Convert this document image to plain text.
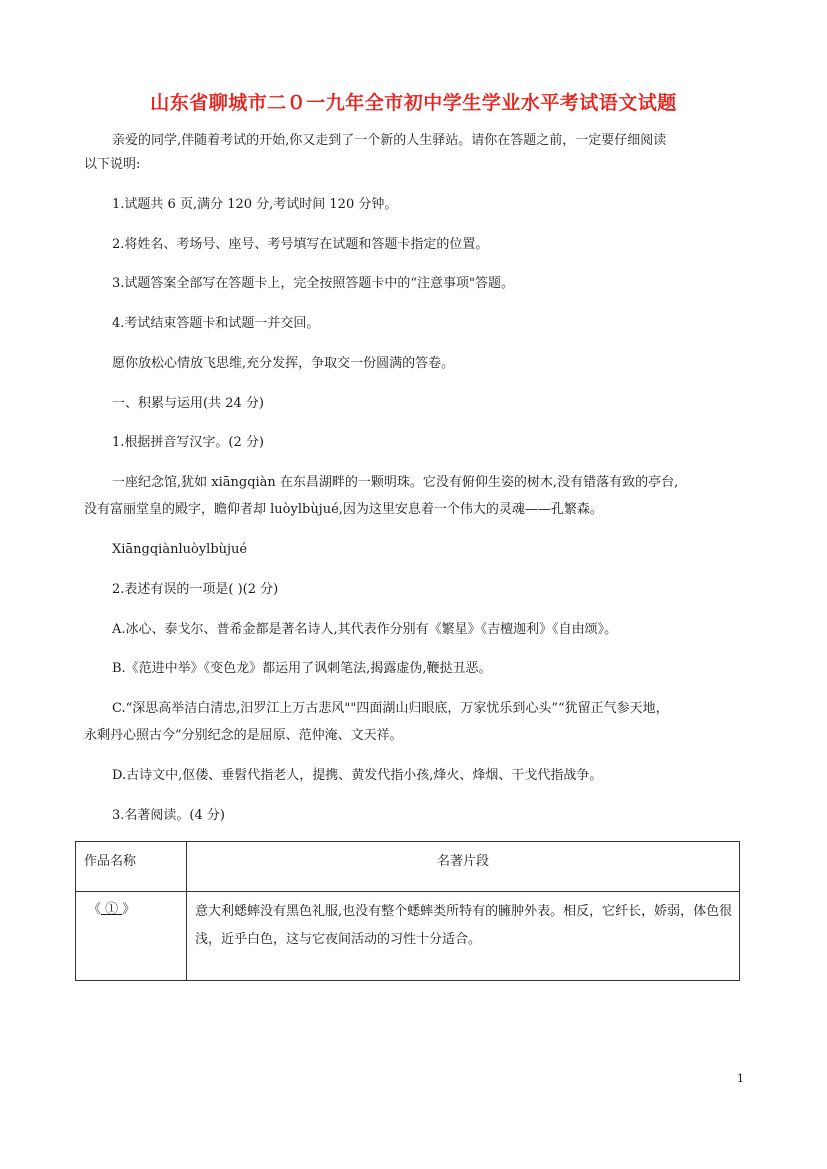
山东省聊城市二０一九年全市初中学生学业水平考试语文试题
亲爱的同学,伴随着考试的开始,你又走到了一个新的人生驿站。请你在答题之前，一定要仔细阅读
以下说明:
1.试题共 6 页,满分 120 分,考试时间 120 分钟。
2.将姓名、考场号、座号、考号填写在试题和答题卡指定的位置。
3.试题答案全部写在答题卡上，完全按照答题卡中的“注意事项"答题。
4.考试结束答题卡和试题一并交回。
愿你放松心情放飞思维,充分发挥，争取交一份圆满的答卷。
一、积累与运用(共 24 分)
1.根据拼音写汉字。(2 分)
一座纪念馆,犹如 xiāngqiàn 在东昌湖畔的一颗明珠。它没有俯仰生姿的树木,没有错落有致的亭台,
没有富丽堂皇的殿字，瞻仰者却 luòylbùjué,因为这里安息着一个伟大的灵魂——孔繁森。
Xiāngqiànluòylbùjué
2.表述有误的一项是( )(2 分)
A.冰心、泰戈尔、普希金都是著名诗人,其代表作分别有《繁星》《吉檀迦利》《自由颂》。
B.《范进中举》《变色龙》都运用了讽刺笔法,揭露虚伪,鞭挞丑恶。
C.“深思高举洁白清忠,汨罗江上万古悲风""四面湖山归眼底，万家忧乐到心头”“犹留正气参天地，
永剩丹心照古今”分别纪念的是屈原、范仲淹、文天祥。
D.古诗文中,伛偻、垂髫代指老人，提携、黄发代指小孩,烽火、烽烟、干戈代指战争。
3.名著阅读。(4 分)
作品名称	名著片段
《 ① 》	意大利蟋蟀没有黑色礼服,也没有整个蟋蟀类所特有的臃肿外表。相反，它纤长，娇弱，体色很浅，近乎白色，这与它夜间活动的习性十分适合。
1
